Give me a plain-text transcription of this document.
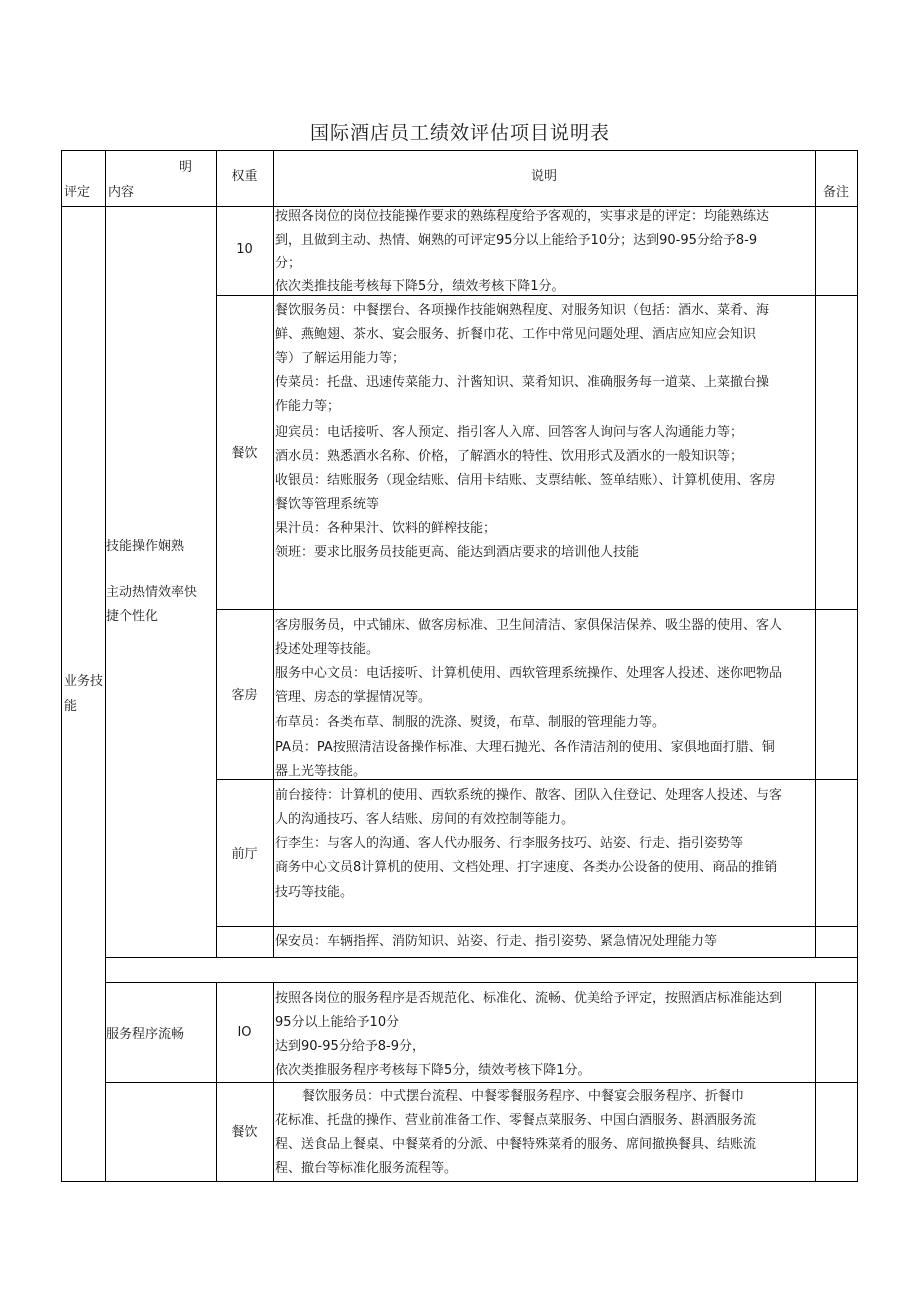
国际酒店员工绩效评估项目说明表
明
评定 内容
权重	说明
备注
业务技能
技能操作娴熟
主动热情效率快
捷个性化
服务程序流畅
10
餐饮
客房
前厅
IO
餐饮
按照各岗位的岗位技能操作要求的熟练程度给予客观的，实事求是的评定：均能熟练达
到，且做到主动、热情、娴熟的可评定95分以上能给予10分；达到90-95分给予8-9
分；
依次类推技能考核每下降5分，绩效考核下降1分。
餐饮服务员：中餐摆台、各项操作技能娴熟程度、对服务知识（包括：酒水、菜肴、海
鲜、燕鲍翅、茶水、宴会服务、折餐巾花、工作中常见问题处理、酒店应知应会知识
等）了解运用能力等；
传菜员：托盘、迅速传菜能力、汁酱知识、菜肴知识、准确服务每一道菜、上菜撤台操
作能力等；
迎宾员：电话接听、客人预定、指引客人入席、回答客人询问与客人沟通能力等；
酒水员：熟悉酒水名称、价格，了解酒水的特性、饮用形式及酒水的一般知识等；
收银员：结账服务（现金结账、信用卡结账、支票结帐、签单结账）、计算机使用、客房
餐饮等管理系统等
果汁员：各种果汁、饮料的鲜榨技能；
领班：要求比服务员技能更高、能达到酒店要求的培训他人技能
客房服务员，中式铺床、做客房标准、卫生间清洁、家俱保洁保养、吸尘器的使用、客人
投述处理等技能。
服务中心文员：电话接听、计算机使用、西软管理系统操作、处理客人投述、迷你吧物品
管理、房态的掌握情况等。
布草员：各类布草、制服的洗涤、熨烫，布草、制服的管理能力等。
PA员：PA按照清洁设备操作标准、大理石抛光、各作清洁剂的使用、家俱地面打腊、铜
器上光等技能。
前台接待：计算机的使用、西软系统的操作、散客、团队入住登记、处理客人投述、与客
人的沟通技巧、客人结账、房间的有效控制等能力。
行李生：与客人的沟通、客人代办服务、行李服务技巧、站姿、行走、指引姿势等
商务中心文员8计算机的使用、文档处理、打字速度、各类办公设备的使用、商品的推销
技巧等技能。
保安员：车辆指挥、消防知识、站姿、行走、指引姿势、紧急情况处理能力等
按照各岗位的服务程序是否规范化、标准化、流畅、优美给予评定，按照酒店标准能达到
95分以上能给予10分
达到90-95分给予8-9分，
依次类推服务程序考核每下降5分，绩效考核下降1分。
餐饮服务员：中式摆台流程、中餐零餐服务程序、中餐宴会服务程序、折餐巾
花标准、托盘的操作、营业前准备工作、零餐点菜服务、中国白酒服务、斟酒服务流
程、送食品上餐桌、中餐菜肴的分派、中餐特殊菜肴的服务、席间撤换餐具、结账流
程、撤台等标准化服务流程等。
